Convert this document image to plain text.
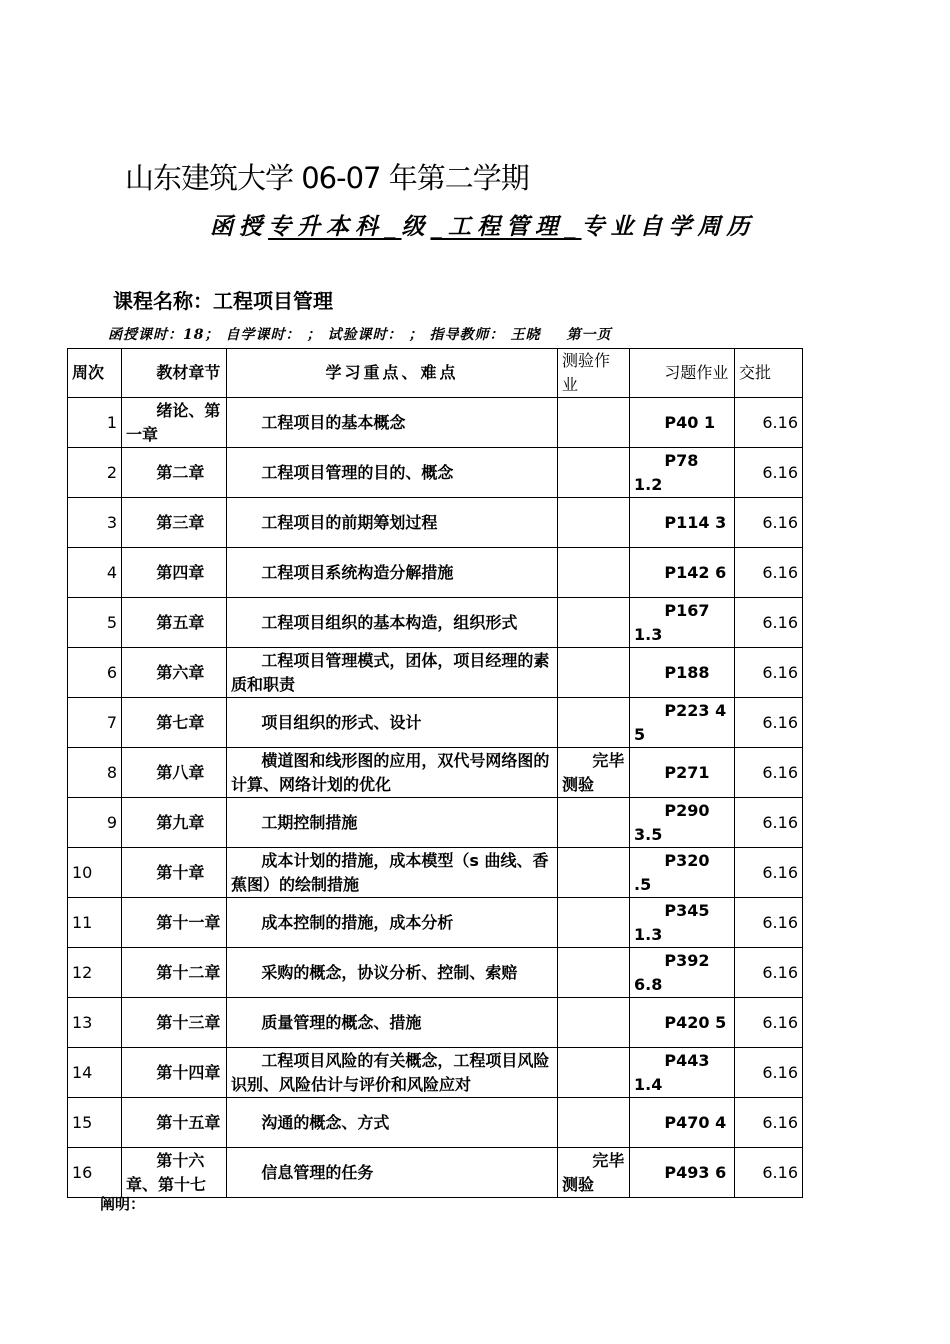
山东建筑大学 06-07 年第二学期
函授专升本科_级_工程管理_专业自学周历
课程名称：工程项目管理
函授课时：18； 自学课时： ； 试验课时： ； 指导教师： 王晓 第一页
周次	教材章节	学习重点、难点	测验作业	习题作业	交批
1	绪论、第一章	工程项目的基本概念		P40 1	6.16
2	第二章	工程项目管理的目的、概念		P78 1.2	6.16
3	第三章	工程项目的前期筹划过程		P114 3	6.16
4	第四章	工程项目系统构造分解措施		P142 6	6.16
5	第五章	工程项目组织的基本构造，组织形式		P167 1.3	6.16
6	第六章	工程项目管理模式，团体，项目经理的素质和职责		P188	6.16
7	第七章	项目组织的形式、设计		P223 4 5	6.16
8	第八章	横道图和线形图的应用，双代号网络图的计算、网络计划的优化	完毕测验	P271	6.16
9	第九章	工期控制措施		P290 3.5	6.16
10	第十章	成本计划的措施，成本模型（s 曲线、香蕉图）的绘制措施		P320 .5	6.16
11	第十一章	成本控制的措施，成本分析		P345 1.3	6.16
12	第十二章	采购的概念，协议分析、控制、索赔		P392 6.8	6.16
13	第十三章	质量管理的概念、措施		P420 5	6.16
14	第十四章	工程项目风险的有关概念，工程项目风险识别、风险估计与评价和风险应对		P443 1.4	6.16
15	第十五章	沟通的概念、方式		P470 4	6.16
16	第十六章、第十七	信息管理的任务	完毕测验	P493 6	6.16
阐明：
